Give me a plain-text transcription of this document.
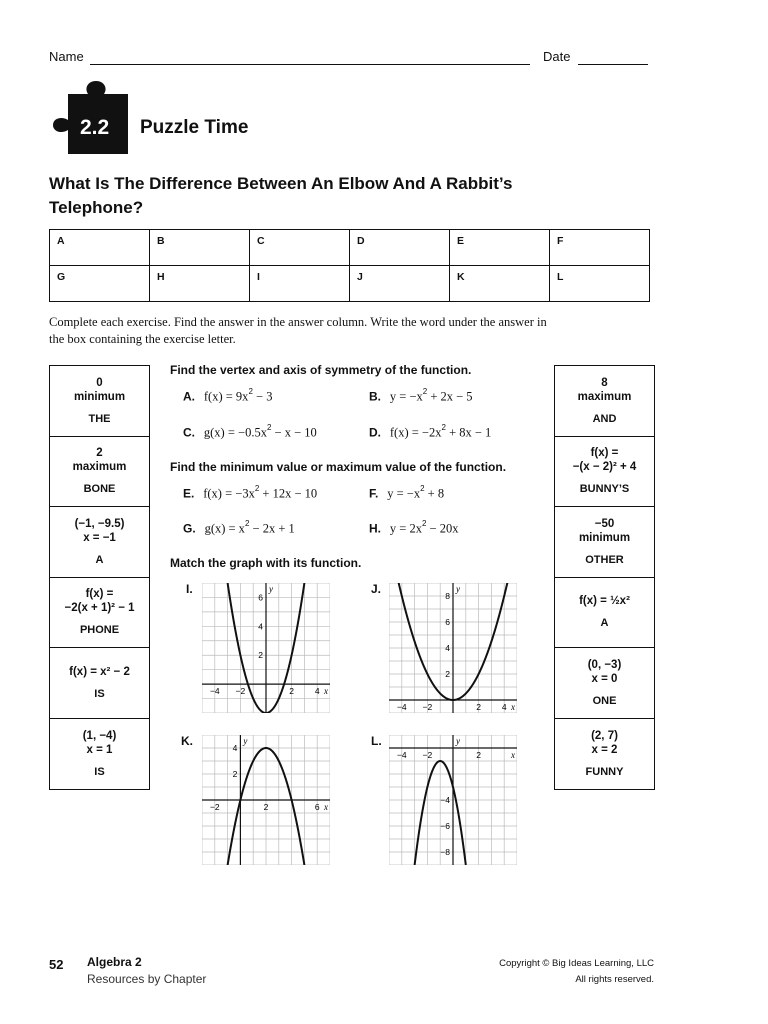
Name	Date
2.2 Puzzle Time
What Is The Difference Between An Elbow And A Rabbit’s Telephone?
A	B	C	D	E	F
G	H	I	J	K	L
Complete each exercise. Find the answer in the answer column. Write the word under the answer in the box containing the exercise letter.
0
minimum
THE
2
maximum
BONE
(−1, −9.5)
x = −1
A
f(x) =
−2(x + 1)² − 1
PHONE
f(x) = x² − 2
IS
(1, −4)
x = 1
IS
8
maximum
AND
f(x) =
−(x − 2)² + 4
BUNNY’S
−50
minimum
OTHER
f(x) = ½x²
A
(0, −3)
x = 0
ONE
(2, 7)
x = 2
FUNNY
Find the vertex and axis of symmetry of the function.
Find the minimum value or maximum value of the function.
Match the graph with its function.
A. $f(x) = 9x^2 - 3$	B. $y = -x^2 + 2x - 5$
C. $g(x) = -0.5x^2 - x - 10$	D. $f(x) = -2x^2 + 8x - 1$
E. $f(x) = -3x^2 + 12x - 10$	F. $y = -x^2 + 8$
G. $g(x) = x^2 - 2x + 1$	H. $y = 2x^2 - 20x$
I.	J.
K.	L.
−4 −2	2 4
2
4
6
x
y
−4 −2	2 4
2
4
6
8
x
y
−2	2	6
2
4
x
y
−4 −2	2
−4
−6
−8
x
y
52 Algebra 2
Resources by Chapter
Copyright © Big Ideas Learning, LLC
All rights reserved.
